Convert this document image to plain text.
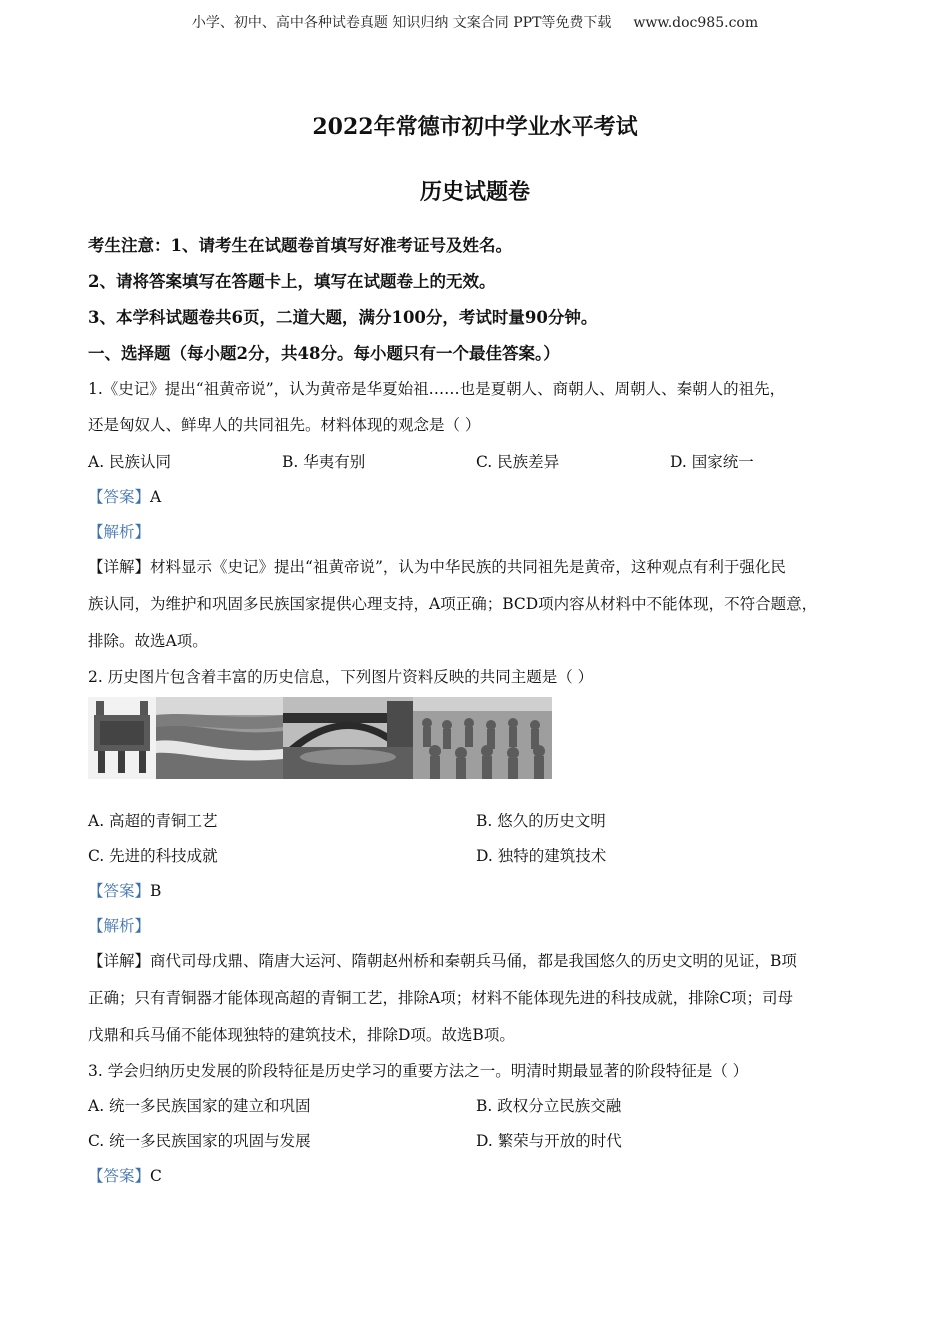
小学、初中、高中各种试卷真题 知识归纳 文案合同 PPT等免费下载 www.doc985.com
2022年常德市初中学业水平考试
历史试题卷
考生注意：1、请考生在试题卷首填写好准考证号及姓名。
2、请将答案填写在答题卡上，填写在试题卷上的无效。
3、本学科试题卷共6页，二道大题，满分100分，考试时量90分钟。
一、选择题（每小题2分，共48分。每小题只有一个最佳答案。）
1.《史记》提出“祖黄帝说”，认为黄帝是华夏始祖……也是夏朝人、商朝人、周朝人、秦朝人的祖先，
还是匈奴人、鲜卑人的共同祖先。材料体现的观念是（ ）
A. 民族认同	B. 华夷有别	C. 民族差异	D. 国家统一
【答案】A
【解析】
【详解】材料显示《史记》提出“祖黄帝说”，认为中华民族的共同祖先是黄帝，这种观点有利于强化民
族认同，为维护和巩固多民族国家提供心理支持，A项正确；BCD项内容从材料中不能体现，不符合题意，
排除。故选A项。
2. 历史图片包含着丰富的历史信息，下列图片资料反映的共同主题是（ ）
A. 高超的青铜工艺	B. 悠久的历史文明
C. 先进的科技成就	D. 独特的建筑技术
【答案】B
【解析】
【详解】商代司母戊鼎、隋唐大运河、隋朝赵州桥和秦朝兵马俑，都是我国悠久的历史文明的见证，B项
正确；只有青铜器才能体现高超的青铜工艺，排除A项；材料不能体现先进的科技成就，排除C项；司母
戊鼎和兵马俑不能体现独特的建筑技术，排除D项。故选B项。
3. 学会归纳历史发展的阶段特征是历史学习的重要方法之一。明清时期最显著的阶段特征是（ ）
A. 统一多民族国家的建立和巩固	B. 政权分立民族交融
C. 统一多民族国家的巩固与发展	D. 繁荣与开放的时代
【答案】C
